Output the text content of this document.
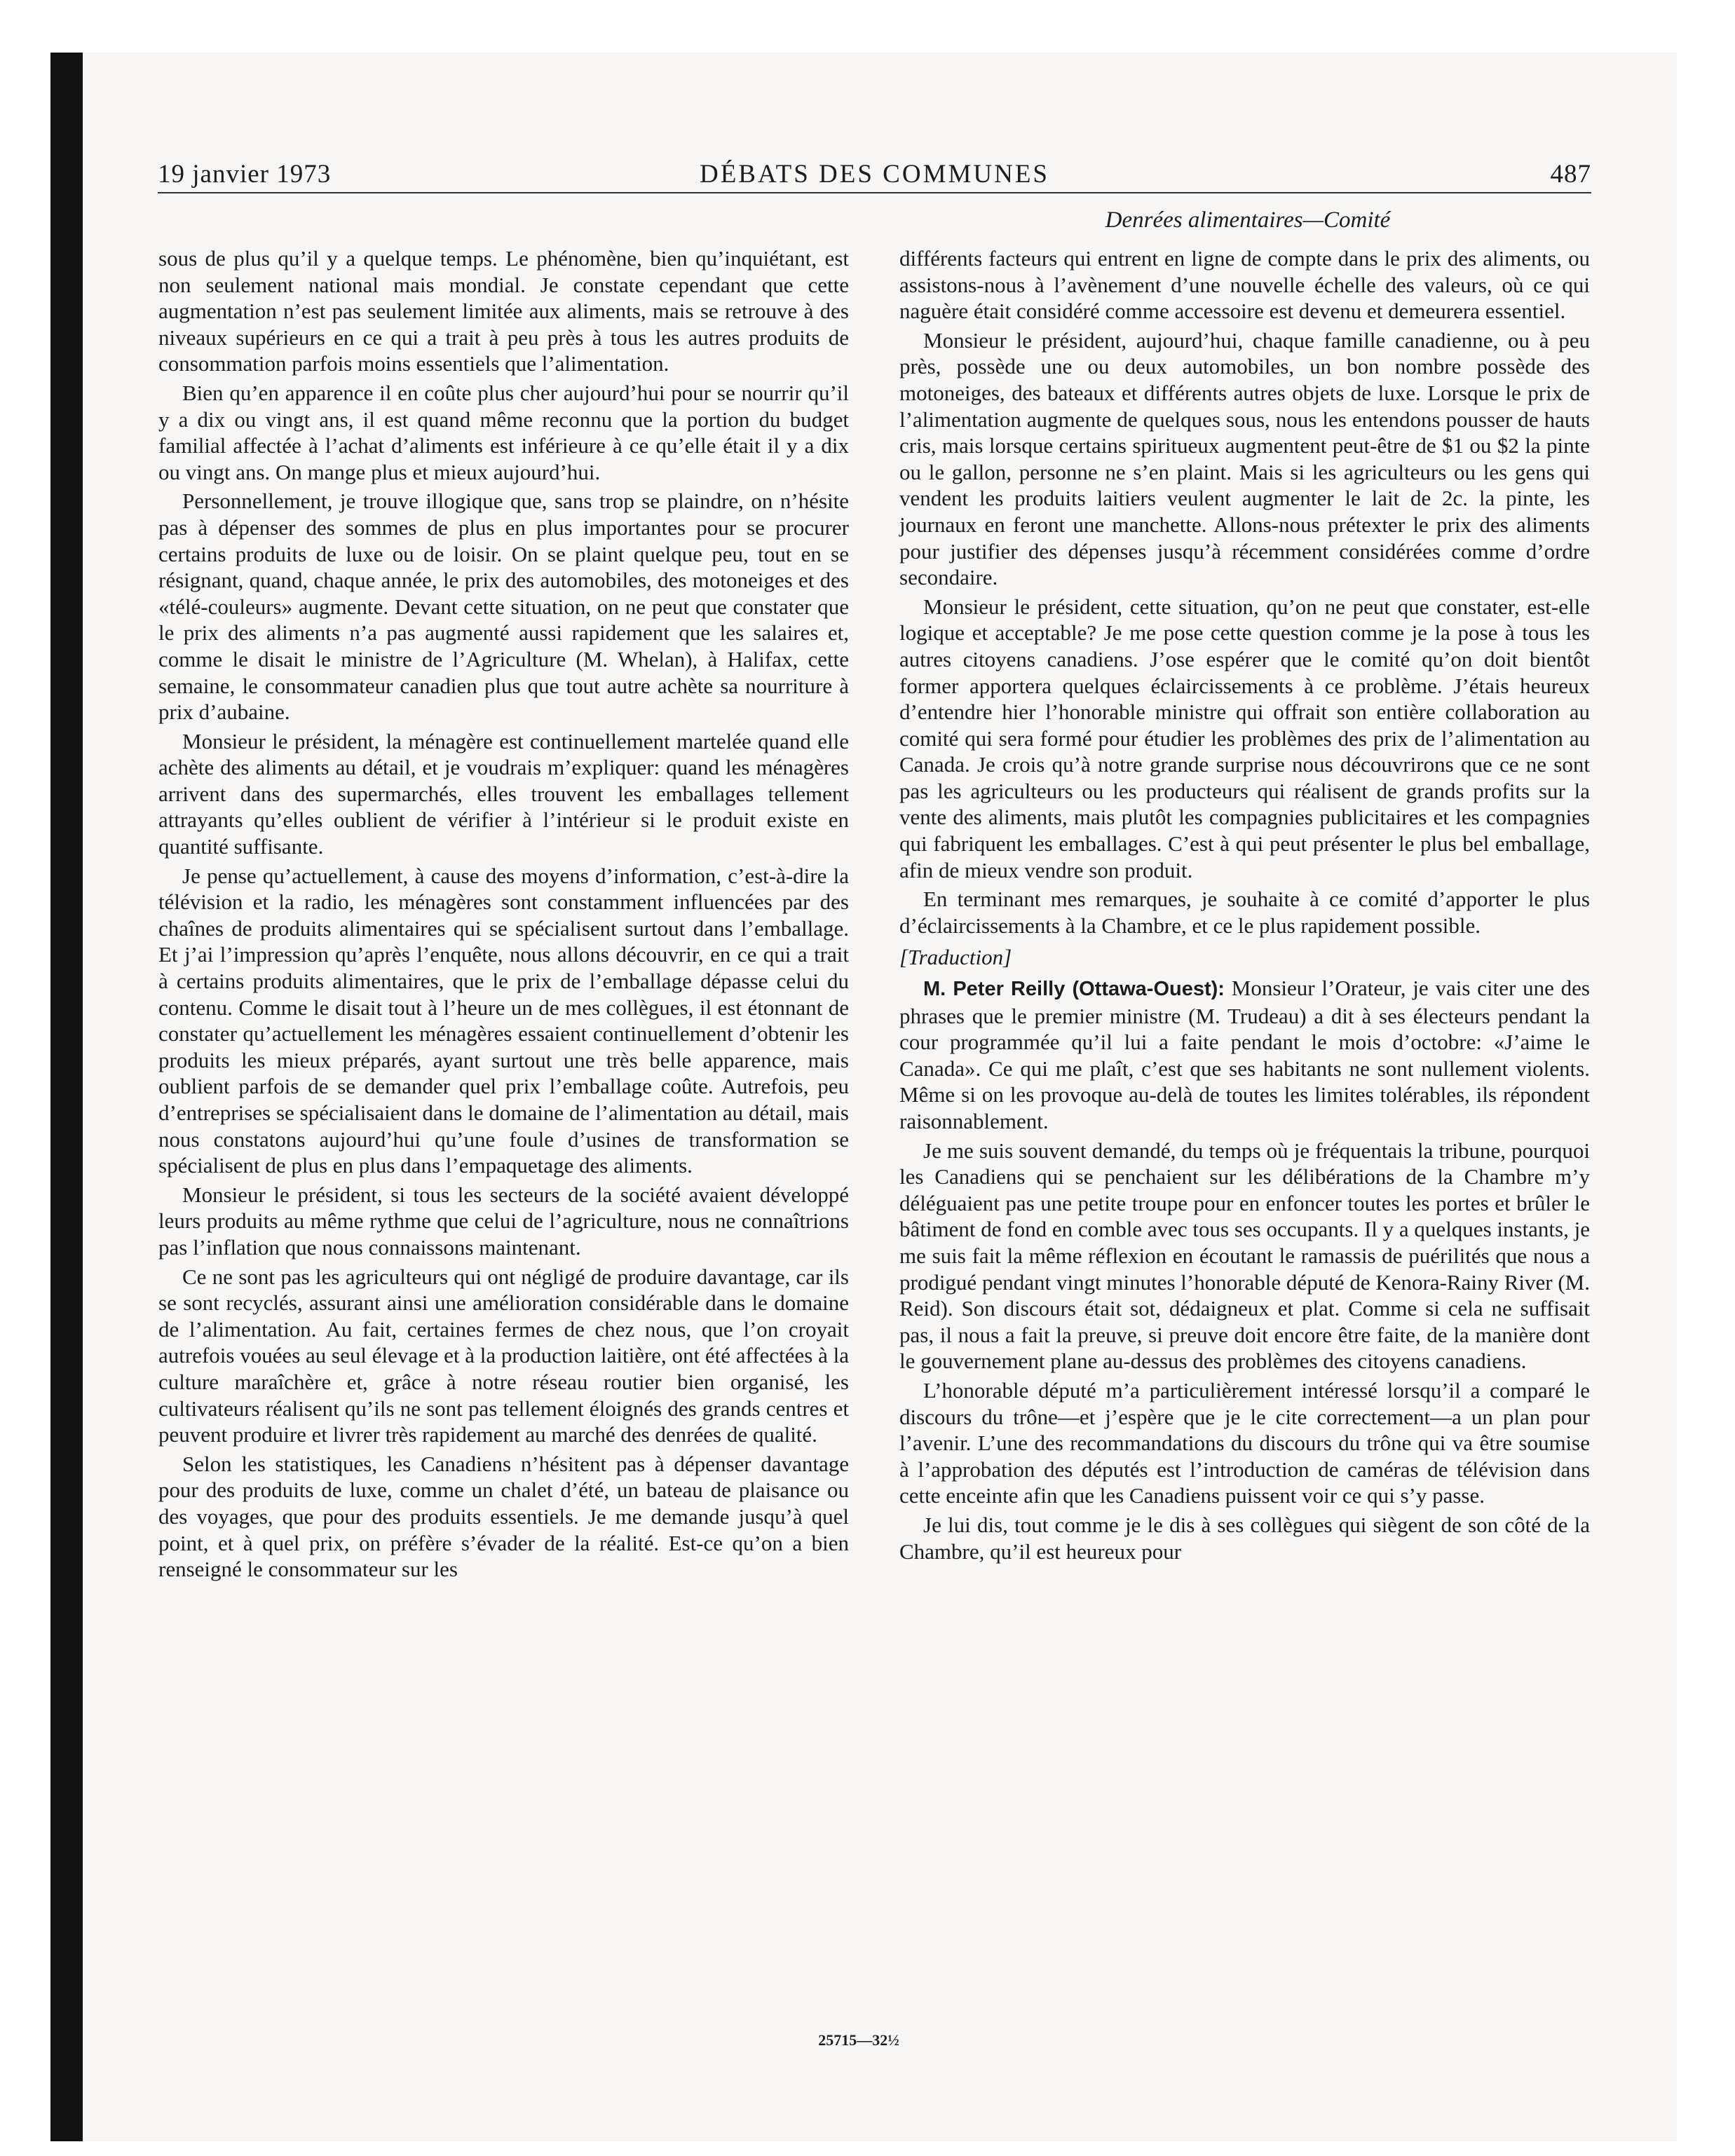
19 janvier 1973	DÉBATS DES COMMUNES	487
Denrées alimentaires—Comité

sous de plus qu’il y a quelque temps. Le phénomène, bien qu’inquiétant, est non seulement national mais mondial. Je constate cependant que cette augmentation n’est pas seulement limitée aux aliments, mais se retrouve à des niveaux supérieurs en ce qui a trait à peu près à tous les autres produits de consommation parfois moins essentiels que l’alimentation.

Bien qu’en apparence il en coûte plus cher aujourd’hui pour se nourrir qu’il y a dix ou vingt ans, il est quand même reconnu que la portion du budget familial affectée à l’achat d’aliments est inférieure à ce qu’elle était il y a dix ou vingt ans. On mange plus et mieux aujourd’hui.

Personnellement, je trouve illogique que, sans trop se plaindre, on n’hésite pas à dépenser des sommes de plus en plus importantes pour se procurer certains produits de luxe ou de loisir. On se plaint quelque peu, tout en se résignant, quand, chaque année, le prix des automobiles, des motoneiges et des «télé-couleurs» augmente. Devant cette situation, on ne peut que constater que le prix des aliments n’a pas augmenté aussi rapidement que les salaires et, comme le disait le ministre de l’Agriculture (M. Whelan), à Halifax, cette semaine, le consommateur canadien plus que tout autre achète sa nourriture à prix d’aubaine.

Monsieur le président, la ménagère est continuellement martelée quand elle achète des aliments au détail, et je voudrais m’expliquer: quand les ménagères arrivent dans des supermarchés, elles trouvent les emballages tellement attrayants qu’elles oublient de vérifier à l’intérieur si le produit existe en quantité suffisante.

Je pense qu’actuellement, à cause des moyens d’information, c’est-à-dire la télévision et la radio, les ménagères sont constamment influencées par des chaînes de produits alimentaires qui se spécialisent surtout dans l’emballage. Et j’ai l’impression qu’après l’enquête, nous allons découvrir, en ce qui a trait à certains produits alimentaires, que le prix de l’emballage dépasse celui du contenu. Comme le disait tout à l’heure un de mes collègues, il est étonnant de constater qu’actuellement les ménagères essaient continuellement d’obtenir les produits les mieux préparés, ayant surtout une très belle apparence, mais oublient parfois de se demander quel prix l’emballage coûte. Autrefois, peu d’entreprises se spécialisaient dans le domaine de l’alimentation au détail, mais nous constatons aujourd’hui qu’une foule d’usines de transformation se spécialisent de plus en plus dans l’empaquetage des aliments.

Monsieur le président, si tous les secteurs de la société avaient développé leurs produits au même rythme que celui de l’agriculture, nous ne connaîtrions pas l’inflation que nous connaissons maintenant.

Ce ne sont pas les agriculteurs qui ont négligé de produire davantage, car ils se sont recyclés, assurant ainsi une amélioration considérable dans le domaine de l’alimentation. Au fait, certaines fermes de chez nous, que l’on croyait autrefois vouées au seul élevage et à la production laitière, ont été affectées à la culture maraîchère et, grâce à notre réseau routier bien organisé, les cultivateurs réalisent qu’ils ne sont pas tellement éloignés des grands centres et peuvent produire et livrer très rapidement au marché des denrées de qualité.

Selon les statistiques, les Canadiens n’hésitent pas à dépenser davantage pour des produits de luxe, comme un chalet d’été, un bateau de plaisance ou des voyages, que pour des produits essentiels. Je me demande jusqu’à quel point, et à quel prix, on préfère s’évader de la réalité. Est-ce qu’on a bien renseigné le consommateur sur les

différents facteurs qui entrent en ligne de compte dans le prix des aliments, ou assistons-nous à l’avènement d’une nouvelle échelle des valeurs, où ce qui naguère était considéré comme accessoire est devenu et demeurera essentiel.

Monsieur le président, aujourd’hui, chaque famille canadienne, ou à peu près, possède une ou deux automobiles, un bon nombre possède des motoneiges, des bateaux et différents autres objets de luxe. Lorsque le prix de l’alimentation augmente de quelques sous, nous les entendons pousser de hauts cris, mais lorsque certains spiritueux augmentent peut-être de $1 ou $2 la pinte ou le gallon, personne ne s’en plaint. Mais si les agriculteurs ou les gens qui vendent les produits laitiers veulent augmenter le lait de 2c. la pinte, les journaux en feront une manchette. Allons-nous prétexter le prix des aliments pour justifier des dépenses jusqu’à récemment considérées comme d’ordre secondaire.

Monsieur le président, cette situation, qu’on ne peut que constater, est-elle logique et acceptable? Je me pose cette question comme je la pose à tous les autres citoyens canadiens. J’ose espérer que le comité qu’on doit bientôt former apportera quelques éclaircissements à ce problème. J’étais heureux d’entendre hier l’honorable ministre qui offrait son entière collaboration au comité qui sera formé pour étudier les problèmes des prix de l’alimentation au Canada. Je crois qu’à notre grande surprise nous découvrirons que ce ne sont pas les agriculteurs ou les producteurs qui réalisent de grands profits sur la vente des aliments, mais plutôt les compagnies publicitaires et les compagnies qui fabriquent les emballages. C’est à qui peut présenter le plus bel emballage, afin de mieux vendre son produit.

En terminant mes remarques, je souhaite à ce comité d’apporter le plus d’éclaircissements à la Chambre, et ce le plus rapidement possible.

[Traduction]

M. Peter Reilly (Ottawa-Ouest): Monsieur l’Orateur, je vais citer une des phrases que le premier ministre (M. Trudeau) a dit à ses électeurs pendant la cour programmée qu’il lui a faite pendant le mois d’octobre: «J’aime le Canada». Ce qui me plaît, c’est que ses habitants ne sont nullement violents. Même si on les provoque au-delà de toutes les limites tolérables, ils répondent raisonnablement.

Je me suis souvent demandé, du temps où je fréquentais la tribune, pourquoi les Canadiens qui se penchaient sur les délibérations de la Chambre m’y déléguaient pas une petite troupe pour en enfoncer toutes les portes et brûler le bâtiment de fond en comble avec tous ses occupants. Il y a quelques instants, je me suis fait la même réflexion en écoutant le ramassis de puérilités que nous a prodigué pendant vingt minutes l’honorable député de Kenora-Rainy River (M. Reid). Son discours était sot, dédaigneux et plat. Comme si cela ne suffisait pas, il nous a fait la preuve, si preuve doit encore être faite, de la manière dont le gouvernement plane au-dessus des problèmes des citoyens canadiens.

L’honorable député m’a particulièrement intéressé lorsqu’il a comparé le discours du trône—et j’espère que je le cite correctement—a un plan pour l’avenir. L’une des recommandations du discours du trône qui va être soumise à l’approbation des députés est l’introduction de caméras de télévision dans cette enceinte afin que les Canadiens puissent voir ce qui s’y passe.

Je lui dis, tout comme je le dis à ses collègues qui siègent de son côté de la Chambre, qu’il est heureux pour

25715—32½
